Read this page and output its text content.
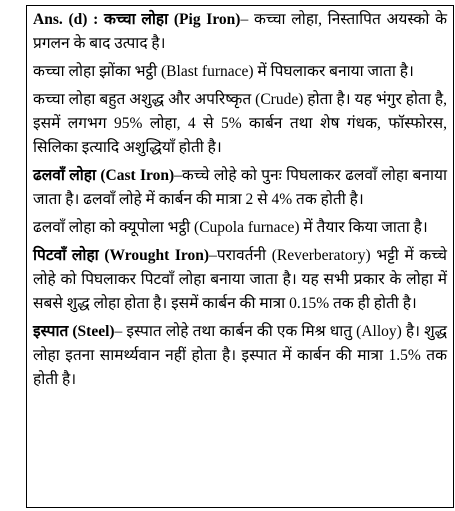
Ans. (d) : कच्चा लोहा (Pig Iron)– कच्चा लोहा, निस्तापित अयस्को के प्रगलन के बाद उत्पाद है।

कच्चा लोहा झोंका भट्ठी (Blast furnace) में पिघलाकर बनाया जाता है।

कच्चा लोहा बहुत अशुद्ध और अपरिष्कृत (Crude) होता है। यह भंगुर होता है, इसमें लगभग 95% लोहा, 4 से 5% कार्बन तथा शेष गंधक, फॉस्फोरस, सिलिका इत्यादि अशुद्धियाँ होती है।

ढलवाँ लोहा (Cast Iron)–कच्चे लोहे को पुनः पिघलाकर ढलवाँ लोहा बनाया जाता है। ढलवाँ लोहे में कार्बन की मात्रा 2 से 4% तक होती है।

ढलवाँ लोहा को क्यूपोला भट्ठी (Cupola furnace) में तैयार किया जाता है।

पिटवाँ लोहा (Wrought Iron)–परावर्तनी (Reverberatory) भट्टी में कच्चे लोहे को पिघलाकर पिटवाँ लोहा बनाया जाता है। यह सभी प्रकार के लोहा में सबसे शुद्ध लोहा होता है। इसमें कार्बन की मात्रा 0.15% तक ही होती है।

इस्पात (Steel)– इस्पात लोहे तथा कार्बन की एक मिश्र धातु (Alloy) है। शुद्ध लोहा इतना सामर्थ्यवान नहीं होता है। इस्पात में कार्बन की मात्रा 1.5% तक होती है।
